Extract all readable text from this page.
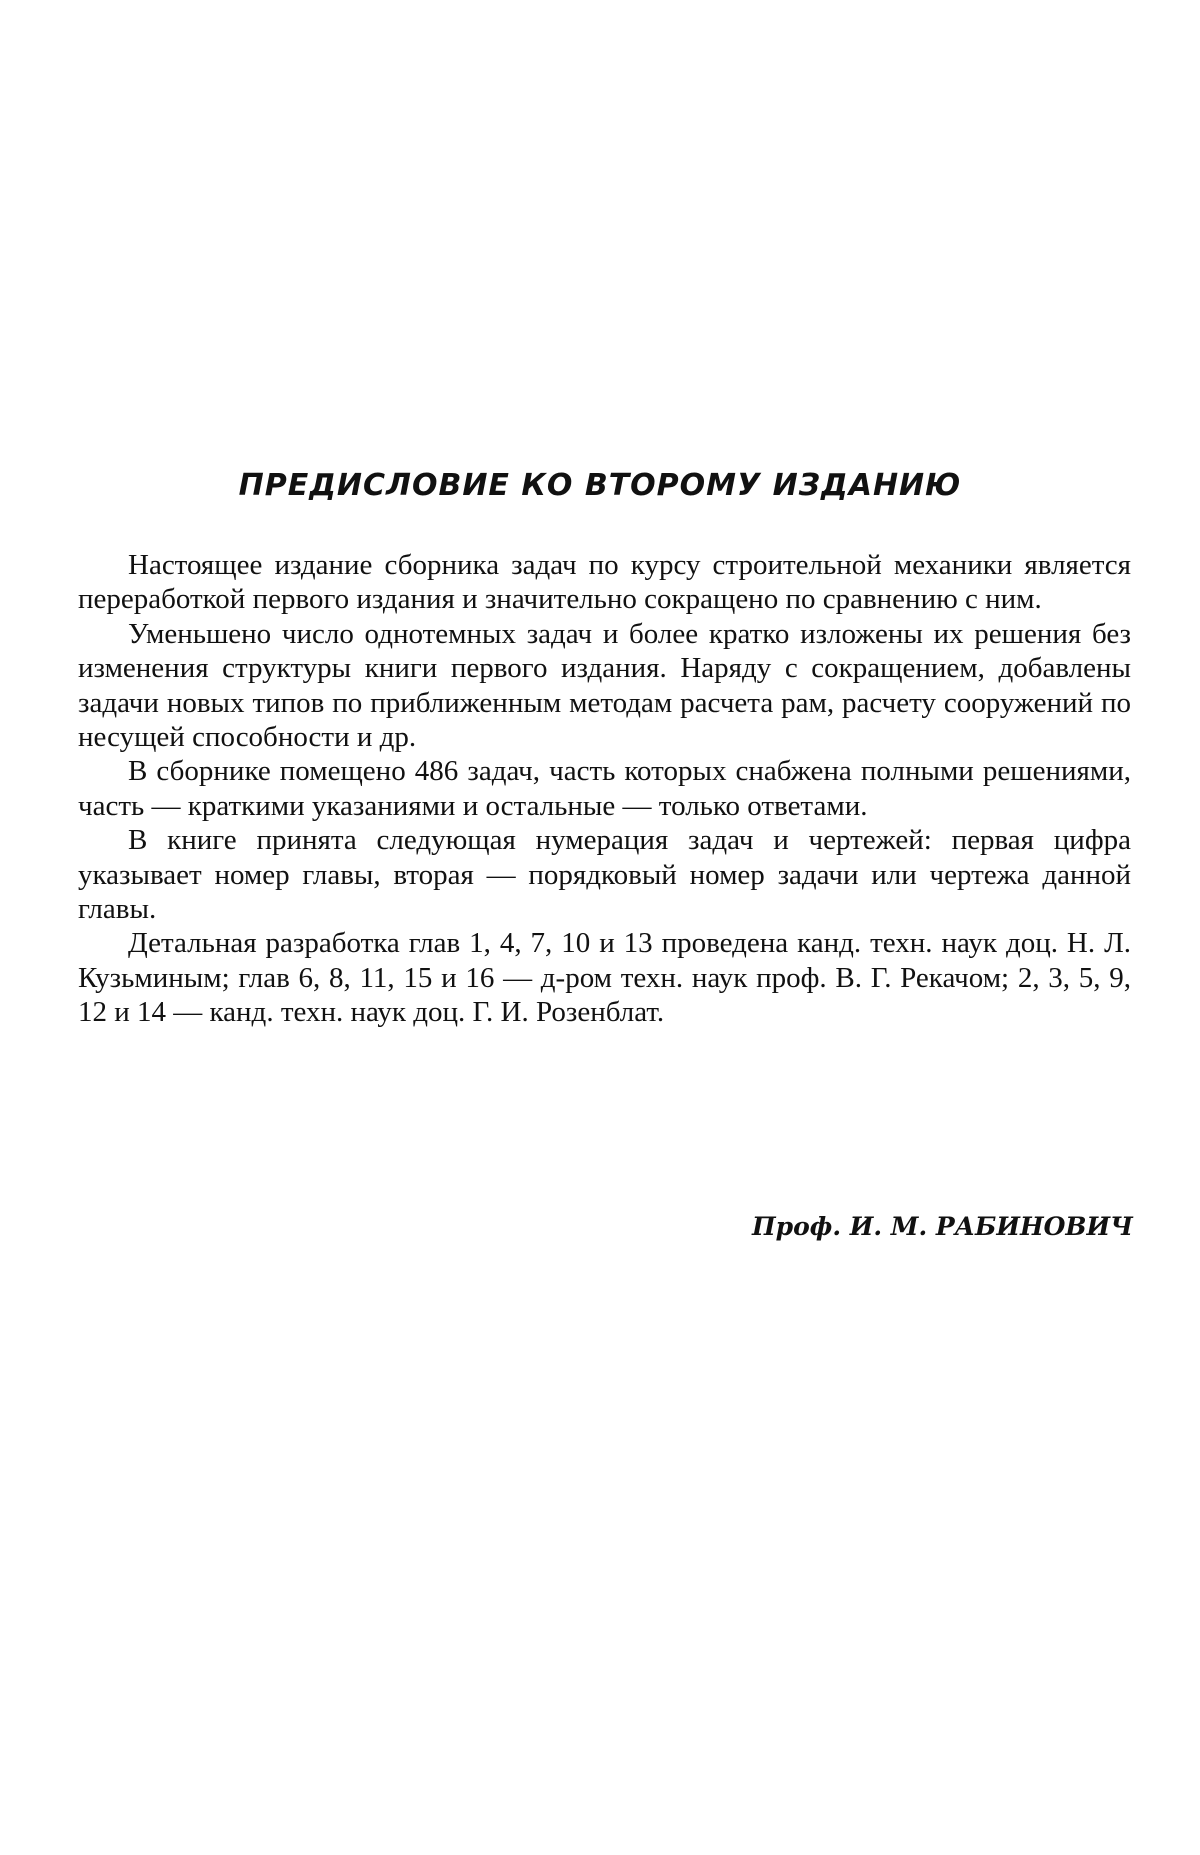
ПРЕДИСЛОВИЕ КО ВТОРОМУ ИЗДАНИЮ

Настоящее издание сборника задач по курсу строительной механики является переработкой первого издания и значительно сокращено по сравнению с ним.

Уменьшено число однотемных задач и более кратко изложены их решения без изменения структуры книги первого издания. Наряду с сокращением, добавлены задачи новых типов по приближенным методам расчета рам, расчету сооружений по несущей способности и др.

В сборнике помещено 486 задач, часть которых снабжена полными решениями, часть — краткими указаниями и остальные — только ответами.

В книге принята следующая нумерация задач и чертежей: первая цифра указывает номер главы, вторая — порядковый номер задачи или чертежа данной главы.

Детальная разработка глав 1, 4, 7, 10 и 13 проведена канд. техн. наук доц. Н. Л. Кузьминым; глав 6, 8, 11, 15 и 16 — д-ром техн. наук проф. В. Г. Рекачом; 2, 3, 5, 9, 12 и 14 — канд. техн. наук доц. Г. И. Розенблат.

Проф. И. М. РАБИНОВИЧ
